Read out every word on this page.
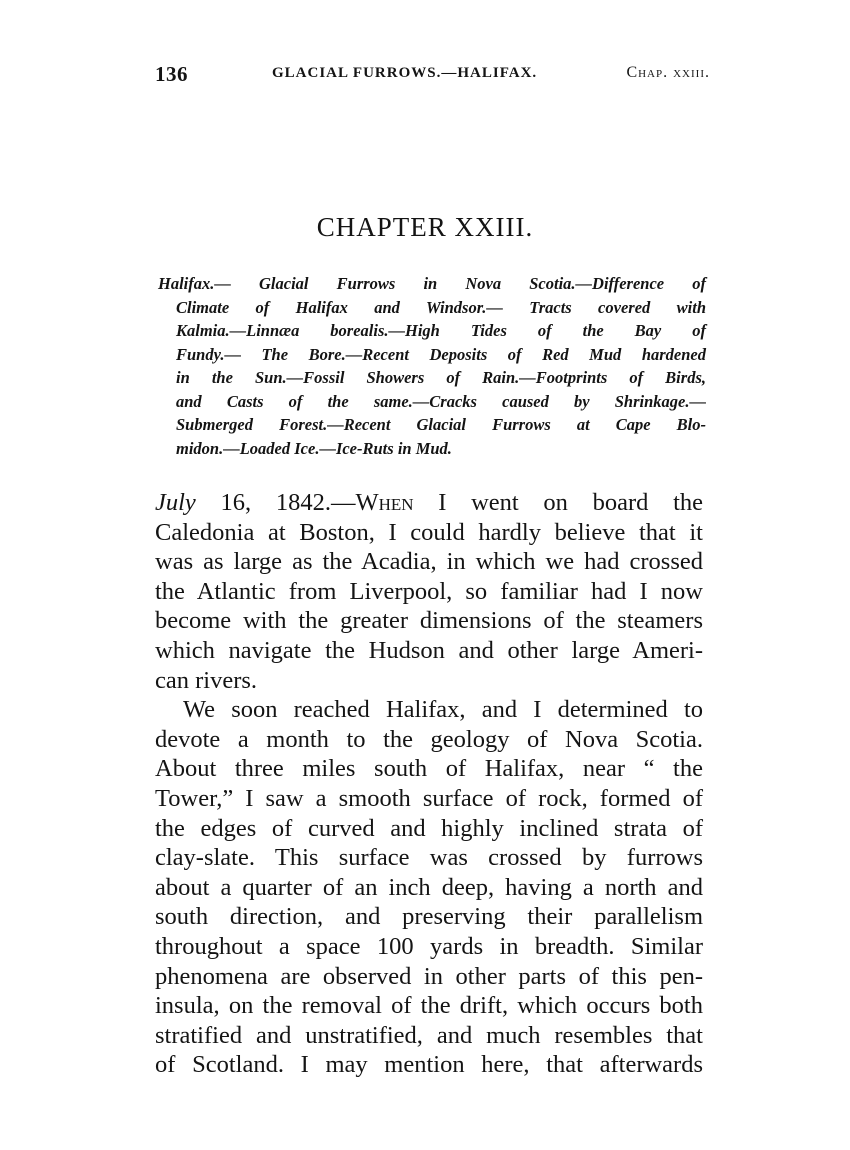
136	GLACIAL FURROWS.—HALIFAX.	Chap. xxiii.
CHAPTER XXIII.
Halifax.— Glacial Furrows in Nova Scotia.—Difference of
Climate of Halifax and Windsor.— Tracts covered with
Kalmia.—Linnæa borealis.—High Tides of the Bay of
Fundy.— The Bore.—Recent Deposits of Red Mud hardened
in the Sun.—Fossil Showers of Rain.—Footprints of Birds,
and Casts of the same.—Cracks caused by Shrinkage.—
Submerged Forest.—Recent Glacial Furrows at Cape Blo-
midon.—Loaded Ice.—Ice-Ruts in Mud.
July 16, 1842.—When I went on board the
Caledonia at Boston, I could hardly believe that it
was as large as the Acadia, in which we had crossed
the Atlantic from Liverpool, so familiar had I now
become with the greater dimensions of the steamers
which navigate the Hudson and other large Ameri-
can rivers.
We soon reached Halifax, and I determined to
devote a month to the geology of Nova Scotia.
About three miles south of Halifax, near “ the
Tower,” I saw a smooth surface of rock, formed of
the edges of curved and highly inclined strata of
clay-slate. This surface was crossed by furrows
about a quarter of an inch deep, having a north and
south direction, and preserving their parallelism
throughout a space 100 yards in breadth. Similar
phenomena are observed in other parts of this pen-
insula, on the removal of the drift, which occurs both
stratified and unstratified, and much resembles that
of Scotland. I may mention here, that afterwards
